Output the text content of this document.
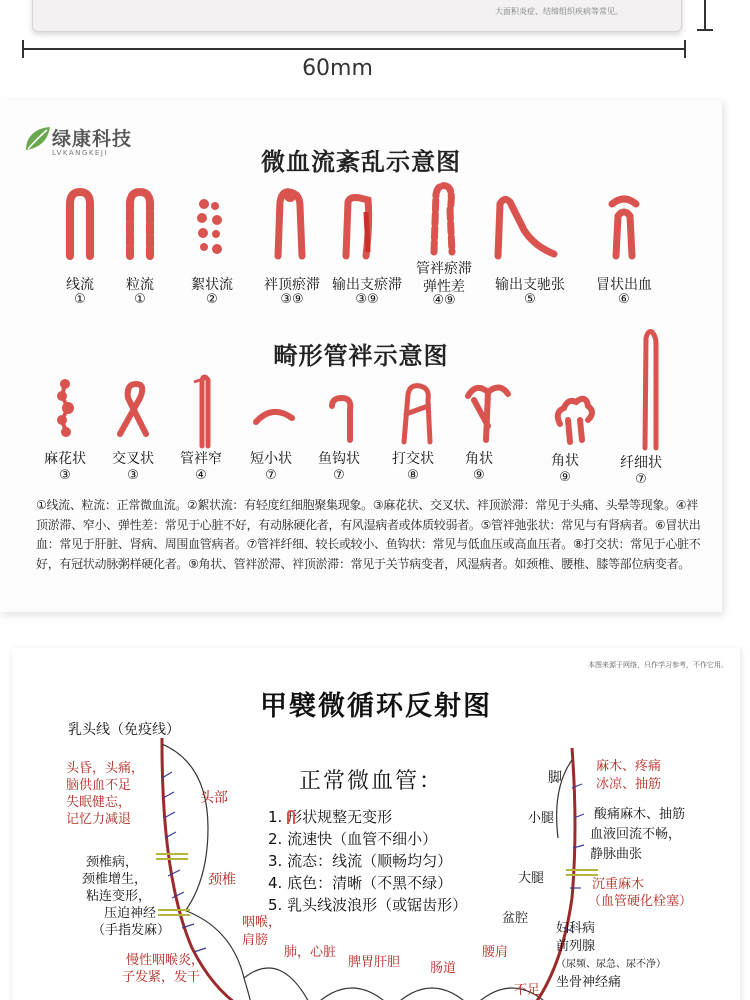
大面积炎症、结缔组织疾病等常见。
60mm
绿康科技
LVKANGKEJI	微血流紊乱示意图
线流
①
粒流
①
絮状流
②
袢顶瘀滞
③⑨
输出支瘀滞
③⑨
管袢瘀滞
弹性差
④⑨
输出支驰张
⑤
冒状出血
⑥
畸形管袢示意图
麻花状
③
交叉状
③
管袢窄
④
短小状
⑦
鱼钩状
⑦
打交状
⑧
角状
⑨
角状
⑨
纤细状
⑦
①线流、粒流：正常微血流。②絮状流：有轻度红细胞聚集现象。③麻花状、交叉状、袢顶淤滞：常见于头痛、头晕等现象。④袢顶淤滞、窄小、弹性差：常见于心脏不好，有动脉硬化者，有风湿病者或体质较弱者。⑤管袢弛张状：常见与有肾病者。⑥冒状出血：常见于肝脏、肾病、周围血管病者。⑦管袢纤细、较长或较小、鱼钩状：常见与低血压或高血压者。⑧打交状：常见于心脏不好，有冠状动脉粥样硬化者。⑨角状、管袢淤滞、袢顶淤滞：常见于关节病变者，风湿病者。如颈椎、腰椎、膝等部位病变者。
本图来源于网络，只作学习参考，不作它用。
甲襞微循环反射图
乳头线（免疫线）
头昏，头痛，
脑供血不足
失眠健忘，
记忆力减退
头部
颈椎病，
颈椎增生，
粘连变形，
压迫神经
（手指发麻）
颈椎
咽喉，
肩膀
肺，心脏
脾胃肝胆 肠道
腰肩
慢性咽喉炎，
子发紧，发干
不足
正常微血管：
1. 形状规整无变形
2. 流速快（血管不细小）
3. 流态：线流（顺畅均匀）
4. 底色：清晰（不黑不绿）
5. 乳头线波浪形（或锯齿形）
脚
麻木、疼痛
冰凉、抽筋
小腿	酸痛麻木、抽筋
血液回流不畅，
静脉曲张
大腿	沉重麻木
（血管硬化栓塞）
盆腔
妇科病
前列腺
（尿频、尿急、尿不净）
坐骨神经痛
